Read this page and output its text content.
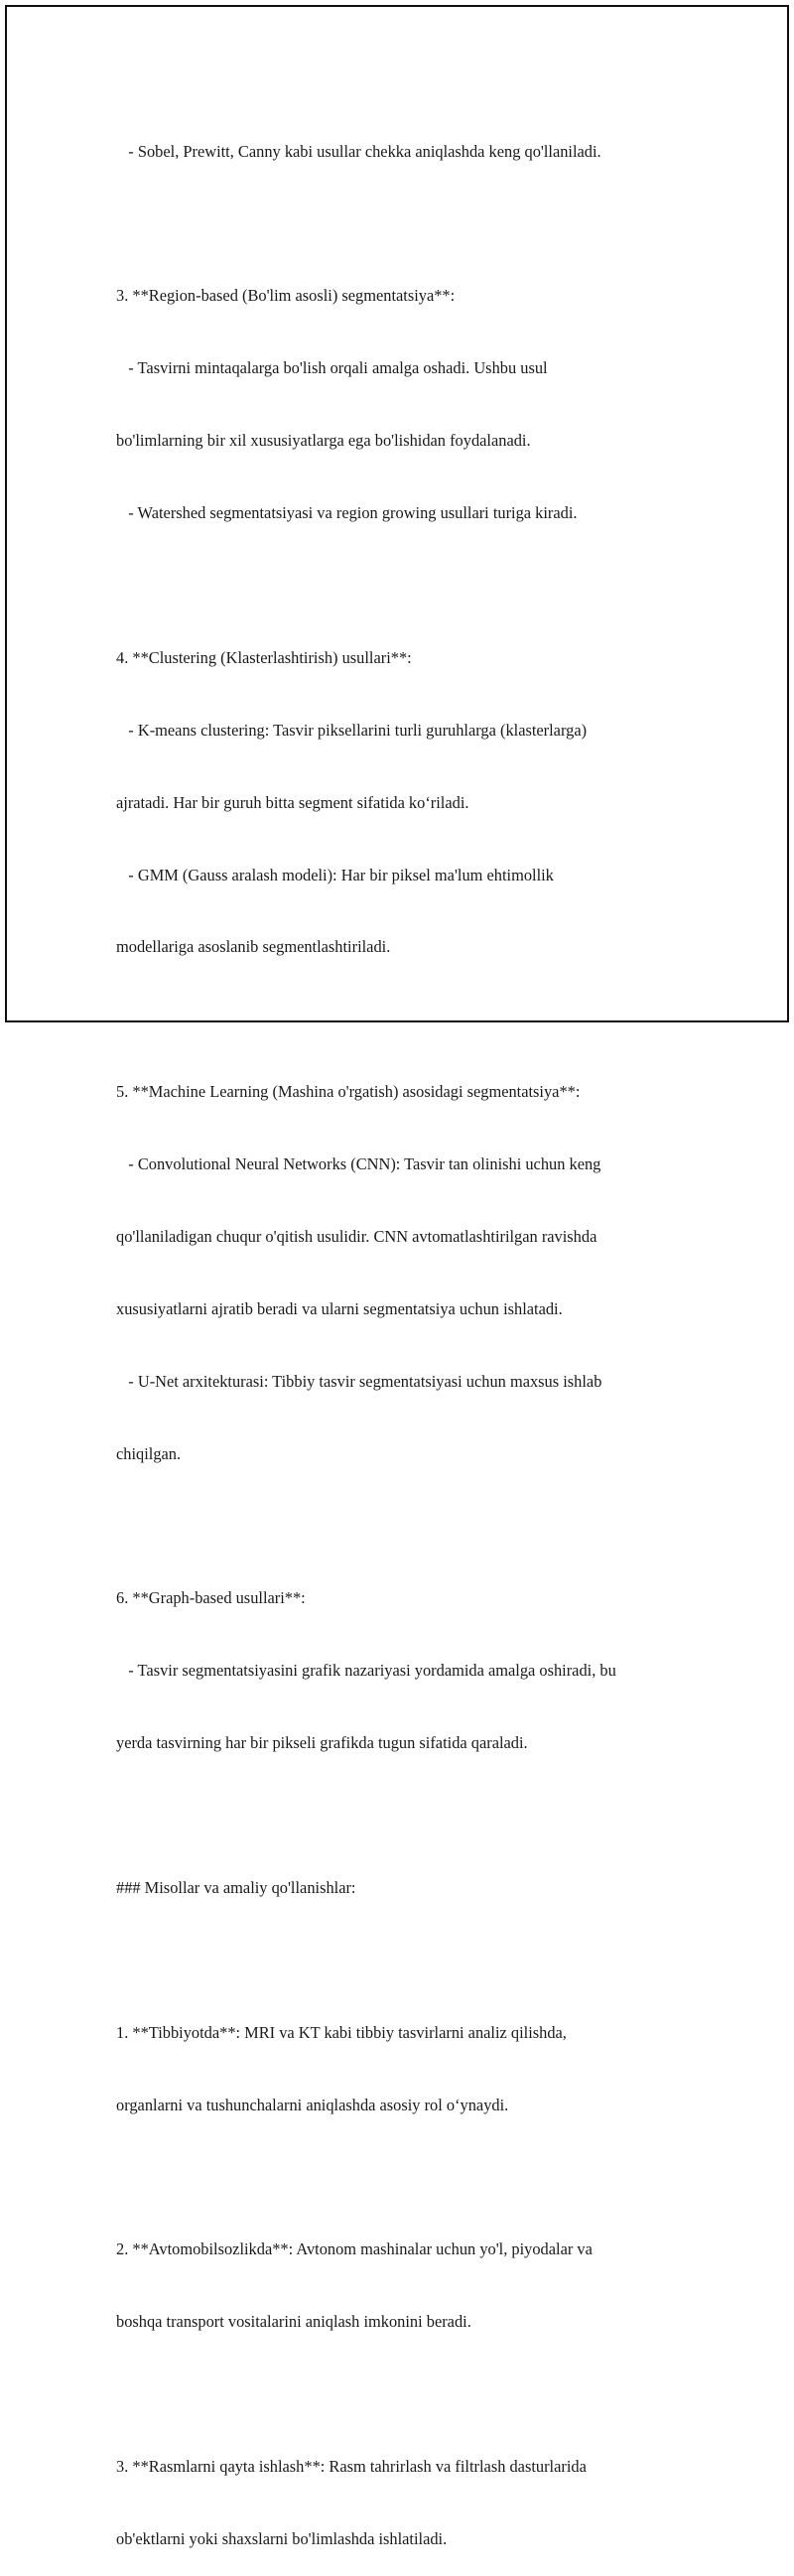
- Sobel, Prewitt, Canny kabi usullar chekka aniqlashda keng qo'llaniladi.

3. **Region-based (Bo'lim asosli) segmentatsiya**:

- Tasvirni mintaqalarga bo'lish orqali amalga oshadi. Ushbu usul

bo'limlarning bir xil xususiyatlarga ega bo'lishidan foydalanadi.

- Watershed segmentatsiyasi va region growing usullari turiga kiradi.

4. **Clustering (Klasterlashtirish) usullari**:

- K-means clustering: Tasvir piksellarini turli guruhlarga (klasterlarga)

ajratadi. Har bir guruh bitta segment sifatida koʻriladi.

- GMM (Gauss aralash modeli): Har bir piksel ma'lum ehtimollik

modellariga asoslanib segmentlashtiriladi.

5. **Machine Learning (Mashina o'rgatish) asosidagi segmentatsiya**:

- Convolutional Neural Networks (CNN): Tasvir tan olinishi uchun keng

qo'llaniladigan chuqur o'qitish usulidir. CNN avtomatlashtirilgan ravishda

xususiyatlarni ajratib beradi va ularni segmentatsiya uchun ishlatadi.

- U-Net arxitekturasi: Tibbiy tasvir segmentatsiyasi uchun maxsus ishlab

chiqilgan.

6. **Graph-based usullari**:

- Tasvir segmentatsiyasini grafik nazariyasi yordamida amalga oshiradi, bu

yerda tasvirning har bir pikseli grafikda tugun sifatida qaraladi.

### Misollar va amaliy qo'llanishlar:

1. **Tibbiyotda**: MRI va KT kabi tibbiy tasvirlarni analiz qilishda,

organlarni va tushunchalarni aniqlashda asosiy rol oʻynaydi.

2. **Avtomobilsozlikda**: Avtonom mashinalar uchun yo'l, piyodalar va

boshqa transport vositalarini aniqlash imkonini beradi.

3. **Rasmlarni qayta ishlash**: Rasm tahrirlash va filtrlash dasturlarida

ob'ektlarni yoki shaxslarni bo'limlashda ishlatiladi.
